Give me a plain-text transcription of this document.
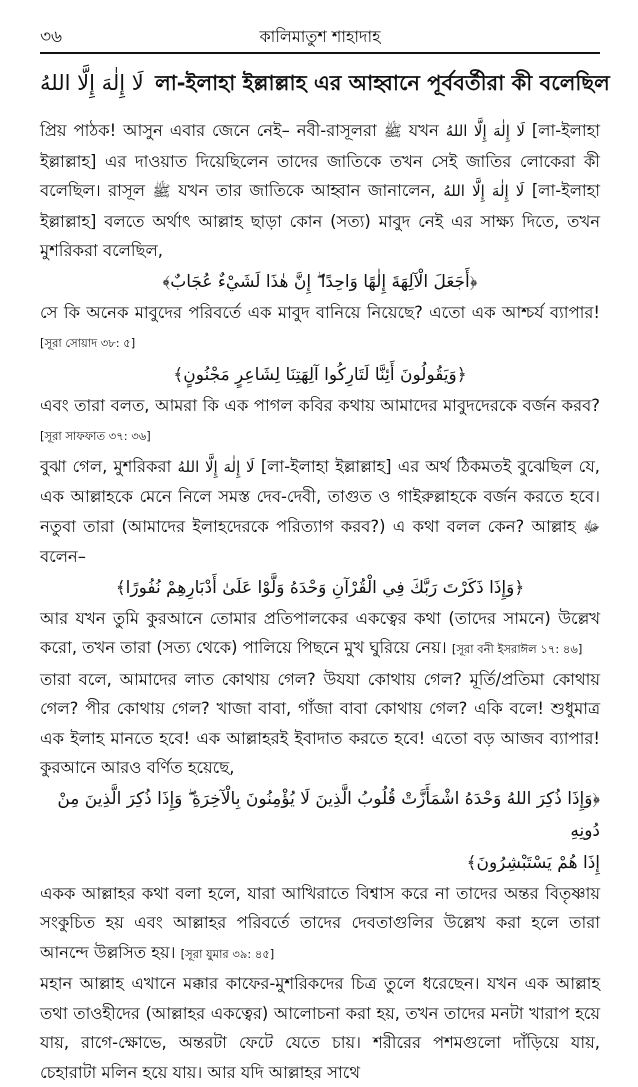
৩৬	কালিমাতুশ শাহাদাহ
لَا إِلٰهَ إِلَّا اللهُ লা-ইলাহা ইল্লাল্লাহ এর আহ্বানে পূর্ববর্তীরা কী বলেছিল

প্রিয় পাঠক! আসুন এবার জেনে নেই– নবী-রাসূলরা ﷺ যখন لَا إِلٰهَ إِلَّا اللهُ [লা-ইলাহা ইল্লাল্লাহ] এর দাওয়াত দিয়েছিলেন তাদের জাতিকে তখন সেই জাতির লোকেরা কী বলেছিল। রাসূল ﷺ যখন তার জাতিকে আহ্বান জানালেন, لَا إِلٰهَ إِلَّا اللهُ [লা-ইলাহা ইল্লাল্লাহ] বলতে অর্থাৎ আল্লাহ ছাড়া কোন (সত্য) মাবুদ নেই এর সাক্ষ্য দিতে, তখন মুশরিকরা বলেছিল,

﴿أَجَعَلَ الْآلِهَةَ إِلٰهًا وَاحِدًا ۖ إِنَّ هٰذَا لَشَيْءٌ عُجَابٌ﴾

সে কি অনেক মাবুদের পরিবর্তে এক মাবুদ বানিয়ে নিয়েছে? এতো এক আশ্চর্য ব্যাপার! [সূরা সোয়াদ ৩৮: ৫]

﴿وَيَقُولُونَ أَئِنَّا لَتَارِكُوا آلِهَتِنَا لِشَاعِرٍ مَجْنُونٍ﴾

এবং তারা বলত, আমরা কি এক পাগল কবির কথায় আমাদের মাবুদদেরকে বর্জন করব? [সূরা সাফফাত ৩৭: ৩৬]

বুঝা গেল, মুশরিকরা لَا إِلٰهَ إِلَّا اللهُ [লা-ইলাহা ইল্লাল্লাহ] এর অর্থ ঠিকমতই বুঝেছিল যে, এক আল্লাহকে মেনে নিলে সমস্ত দেব-দেবী, তাগুত ও গাইরুল্লাহকে বর্জন করতে হবে। নতুবা তারা (আমাদের ইলাহদেরকে পরিত্যাগ করব?) এ কথা বলল কেন? আল্লাহ ﷻ বলেন–

﴿وَإِذَا ذَكَرْتَ رَبَّكَ فِي الْقُرْآنِ وَحْدَهُ وَلَّوْا عَلَىٰ أَدْبَارِهِمْ نُفُورًا﴾

আর যখন তুমি কুরআনে তোমার প্রতিপালকের একত্বের কথা (তাদের সামনে) উল্লেখ করো, তখন তারা (সত্য থেকে) পালিয়ে পিছনে মুখ ঘুরিয়ে নেয়। [সূরা বনী ইসরাঈল ১৭: ৪৬]

তারা বলে, আমাদের লাত কোথায় গেল? উযযা কোথায় গেল? মূর্তি/প্রতিমা কোথায় গেল? পীর কোথায় গেল? খাজা বাবা, গাঁজা বাবা কোথায় গেল? একি বলে! শুধুমাত্র এক ইলাহ মানতে হবে! এক আল্লাহরই ইবাদাত করতে হবে! এতো বড় আজব ব্যাপার! কুরআনে আরও বর্ণিত হয়েছে,

﴿وَإِذَا ذُكِرَ اللهُ وَحْدَهُ اشْمَأَزَّتْ قُلُوبُ الَّذِينَ لَا يُؤْمِنُونَ بِالْآخِرَةِ ۖ وَإِذَا ذُكِرَ الَّذِينَ مِنْ دُونِهِ

إِذَا هُمْ يَسْتَبْشِرُونَ﴾

একক আল্লাহর কথা বলা হলে, যারা আখিরাতে বিশ্বাস করে না তাদের অন্তর বিতৃষ্ণায় সংকুচিত হয় এবং আল্লাহর পরিবর্তে তাদের দেবতাগুলির উল্লেখ করা হলে তারা আনন্দে উল্লসিত হয়। [সূরা যুমার ৩৯: ৪৫]

মহান আল্লাহ এখানে মক্কার কাফের-মুশরিকদের চিত্র তুলে ধরেছেন। যখন এক আল্লাহ তথা তাওহীদের (আল্লাহর একত্বের) আলোচনা করা হয়, তখন তাদের মনটা খারাপ হয়ে যায়, রাগে-ক্ষোভে, অন্তরটা ফেটে যেতে চায়। শরীরের পশমগুলো দাঁড়িয়ে যায়, চেহারাটা মলিন হয়ে যায়। আর যদি আল্লাহর সাথে
